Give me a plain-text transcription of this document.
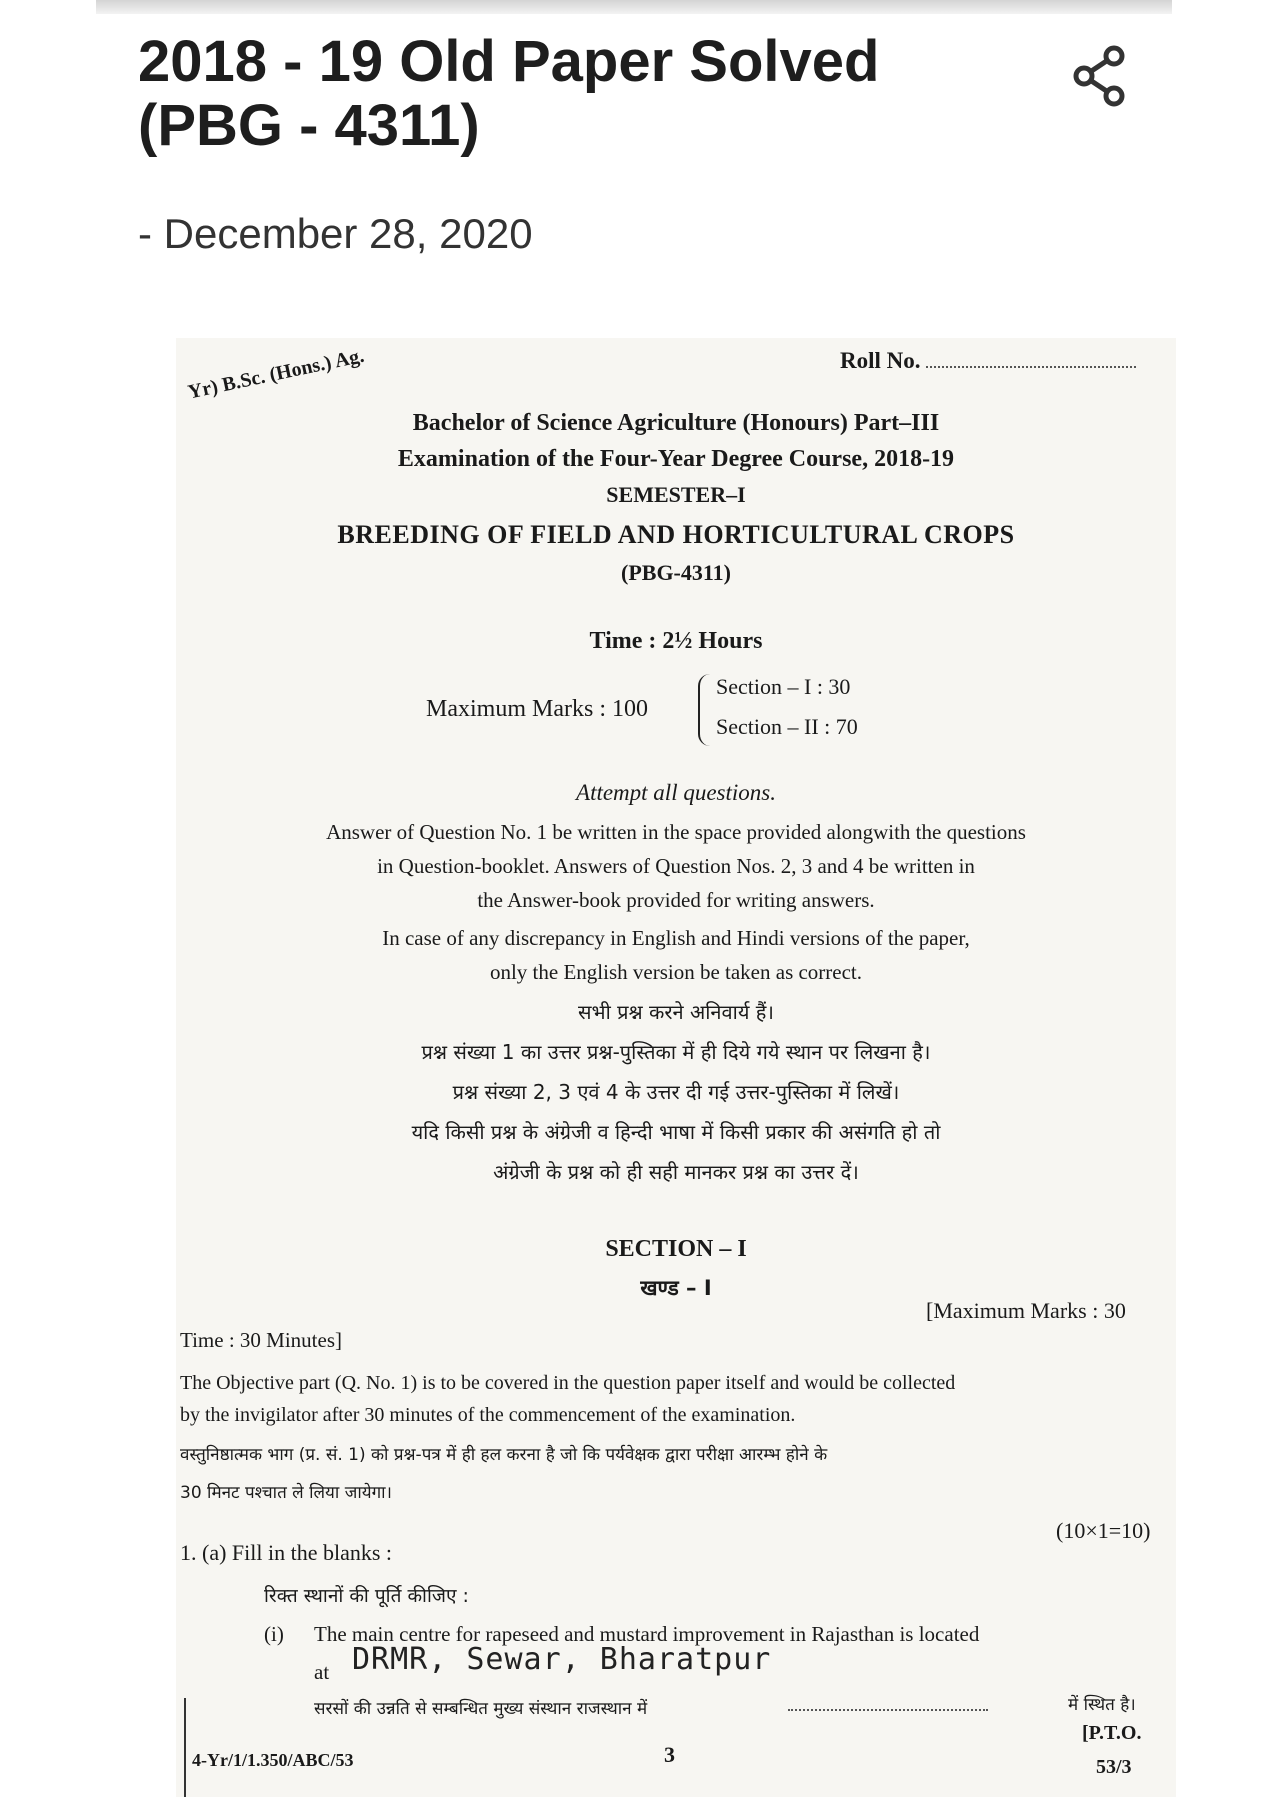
2018 - 19 Old Paper Solved (PBG - 4311)
- December 28, 2020
Roll No.
Yr) B.Sc. (Hons.) Ag.
Bachelor of Science Agriculture (Honours) Part–III
Examination of the Four-Year Degree Course, 2018-19
SEMESTER–I
BREEDING OF FIELD AND HORTICULTURAL CROPS
(PBG-4311)
Time : 2½ Hours
Maximum Marks : 100
Section – I : 30
Section – II : 70
Attempt all questions.
Answer of Question No. 1 be written in the space provided alongwith the questions
in Question-booklet. Answers of Question Nos. 2, 3 and 4 be written in
the Answer-book provided for writing answers.
In case of any discrepancy in English and Hindi versions of the paper,
only the English version be taken as correct.
सभी प्रश्न करने अनिवार्य हैं।
प्रश्न संख्या 1 का उत्तर प्रश्न-पुस्तिका में ही दिये गये स्थान पर लिखना है।
प्रश्न संख्या 2, 3 एवं 4 के उत्तर दी गई उत्तर-पुस्तिका में लिखें।
यदि किसी प्रश्न के अंग्रेजी व हिन्दी भाषा में किसी प्रकार की असंगति हो तो
अंग्रेजी के प्रश्न को ही सही मानकर प्रश्न का उत्तर दें।
SECTION – I
खण्ड – I
[Maximum Marks : 30
Time : 30 Minutes]
The Objective part (Q. No. 1) is to be covered in the question paper itself and would be collected
by the invigilator after 30 minutes of the commencement of the examination.
वस्तुनिष्ठात्मक भाग (प्र. सं. 1) को प्रश्न-पत्र में ही हल करना है जो कि पर्यवेक्षक द्वारा परीक्षा आरम्भ होने के
30 मिनट पश्चात ले लिया जायेगा।
(10×1=10)
1. (a) Fill in the blanks :
रिक्त स्थानों की पूर्ति कीजिए :
(i) The main centre for rapeseed and mustard improvement in Rajasthan is located
at DRMR, Sewar, Bharatpur
सरसों की उन्नति से सम्बन्धित मुख्य संस्थान राजस्थान में	में स्थित है।
4-Yr/1/1.350/ABC/53	3
[P.T.O.
53/3
